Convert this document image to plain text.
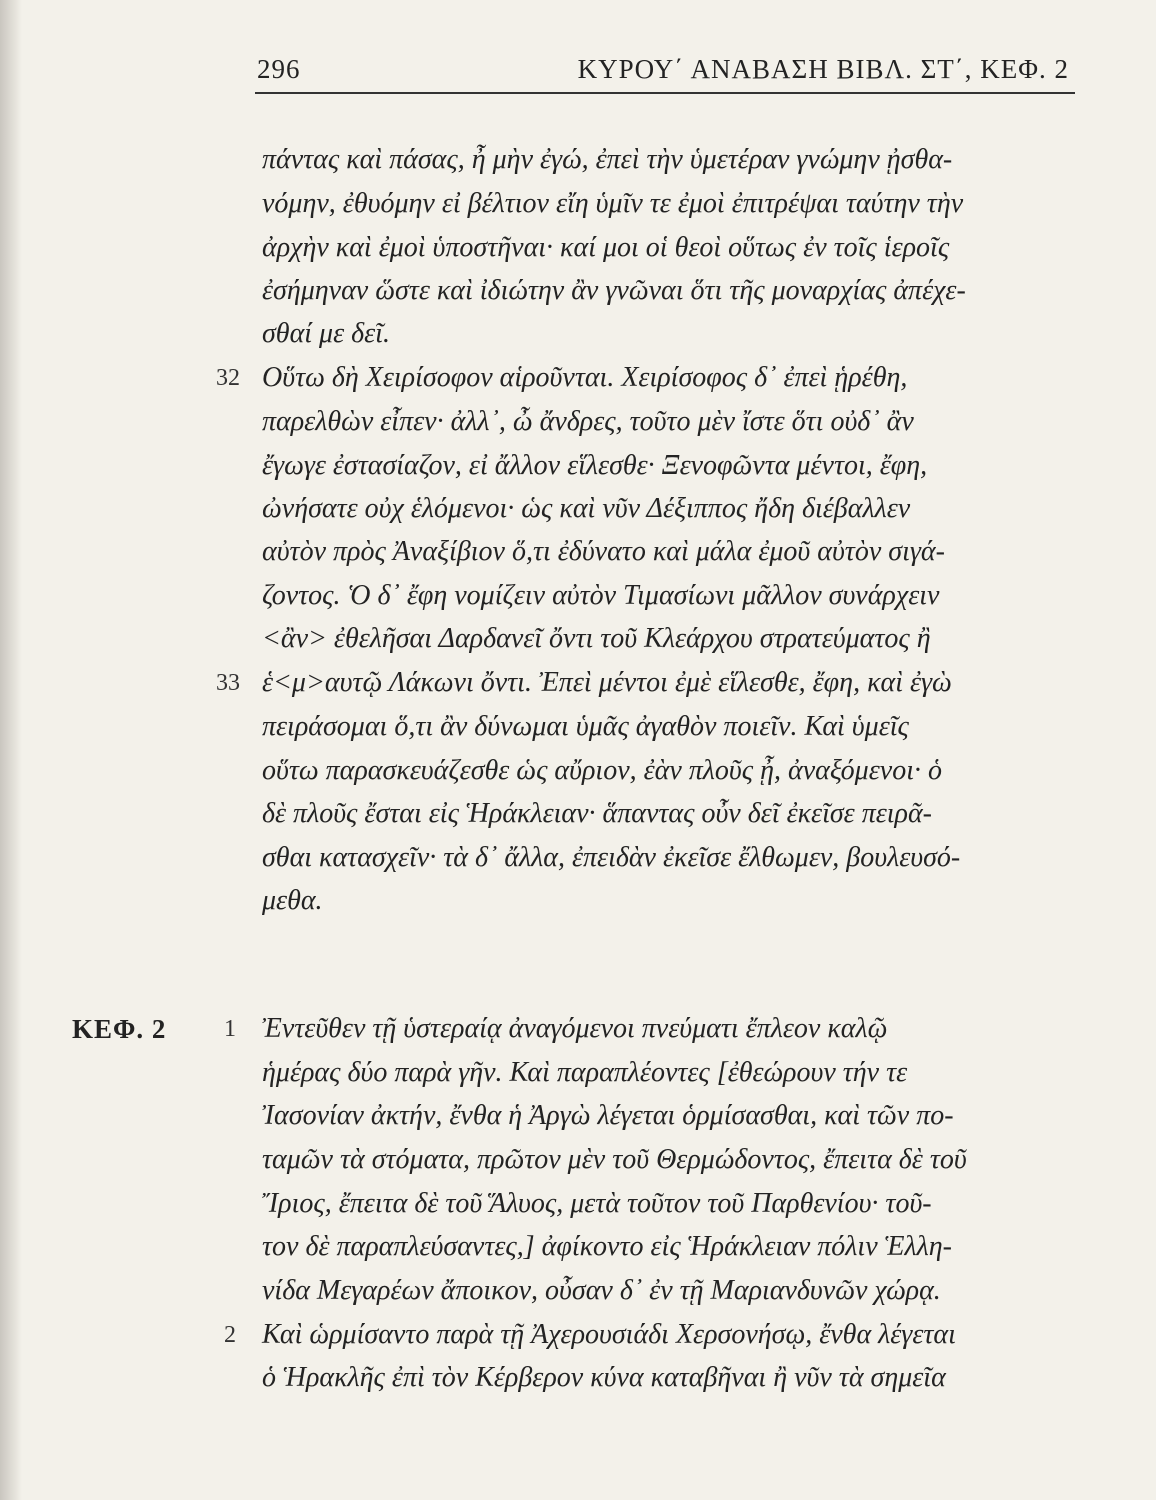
296	ΚΥΡΟΥ΄ ΑΝΑΒΑΣΗ ΒΙΒΛ. ΣΤ΄, ΚΕΦ. 2
πάντας καὶ πάσας, ἦ μὴν ἐγώ, ἐπεὶ τὴν ὑμετέραν γνώμην ᾐσθα-
νόμην, ἐθυόμην εἰ βέλτιον εἴη ὑμῖν τε ἐμοὶ ἐπιτρέψαι ταύτην τὴν
ἀρχὴν καὶ ἐμοὶ ὑποστῆναι· καί μοι οἱ θεοὶ οὕτως ἐν τοῖς ἱεροῖς
ἐσήμηναν ὥστε καὶ ἰδιώτην ἂν γνῶναι ὅτι τῆς μοναρχίας ἀπέχε-
σθαί με δεῖ.
Οὕτω δὴ Χειρίσοφον αἱροῦνται. Χειρίσοφος δ᾽ ἐπεὶ ᾑρέθη,
παρελθὼν εἶπεν· ἀλλ᾽, ὦ ἄνδρες, τοῦτο μὲν ἴστε ὅτι οὐδ᾽ ἂν
ἔγωγε ἐστασίαζον, εἰ ἄλλον εἵλεσθε· Ξενοφῶντα μέντοι, ἔφη,
ὠνήσατε οὐχ ἑλόμενοι· ὡς καὶ νῦν Δέξιππος ἤδη διέβαλλεν
αὐτὸν πρὸς Ἀναξίβιον ὅ,τι ἐδύνατο καὶ μάλα ἐμοῦ αὐτὸν σιγά-
ζοντος. Ὁ δ᾽ ἔφη νομίζειν αὐτὸν Τιμασίωνι μᾶλλον συνάρχειν
<ἂν> ἐθελῆσαι Δαρδανεῖ ὄντι τοῦ Κλεάρχου στρατεύματος ἢ
ἑ<μ>αυτῷ Λάκωνι ὄντι. Ἐπεὶ μέντοι ἐμὲ εἵλεσθε, ἔφη, καὶ ἐγὼ
πειράσομαι ὅ,τι ἂν δύνωμαι ὑμᾶς ἀγαθὸν ποιεῖν. Καὶ ὑμεῖς
οὕτω παρασκευάζεσθε ὡς αὔριον, ἐὰν πλοῦς ᾖ, ἀναξόμενοι· ὁ
δὲ πλοῦς ἔσται εἰς Ἡράκλειαν· ἅπαντας οὖν δεῖ ἐκεῖσε πειρᾶ-
σθαι κατασχεῖν· τὰ δ᾽ ἄλλα, ἐπειδὰν ἐκεῖσε ἔλθωμεν, βουλευσό-
μεθα.
Ἐντεῦθεν τῇ ὑστεραίᾳ ἀναγόμενοι πνεύματι ἔπλεον καλῷ
ἡμέρας δύο παρὰ γῆν. Καὶ παραπλέοντες [ἐθεώρουν τήν τε
Ἰασονίαν ἀκτήν, ἔνθα ἡ Ἀργὼ λέγεται ὁρμίσασθαι, καὶ τῶν πο-
ταμῶν τὰ στόματα, πρῶτον μὲν τοῦ Θερμώδοντος, ἔπειτα δὲ τοῦ
Ἴριος, ἔπειτα δὲ τοῦ Ἅλυος, μετὰ τοῦτον τοῦ Παρθενίου· τοῦ-
τον δὲ παραπλεύσαντες,] ἀφίκοντο εἰς Ἡράκλειαν πόλιν Ἑλλη-
νίδα Μεγαρέων ἄποικον, οὖσαν δ᾽ ἐν τῇ Μαριανδυνῶν χώρᾳ.
Καὶ ὡρμίσαντο παρὰ τῇ Ἀχερουσιάδι Χερσονήσῳ, ἔνθα λέγεται
ὁ Ἡρακλῆς ἐπὶ τὸν Κέρβερον κύνα καταβῆναι ἢ νῦν τὰ σημεῖα
32
33
1
2
ΚΕΦ. 2
